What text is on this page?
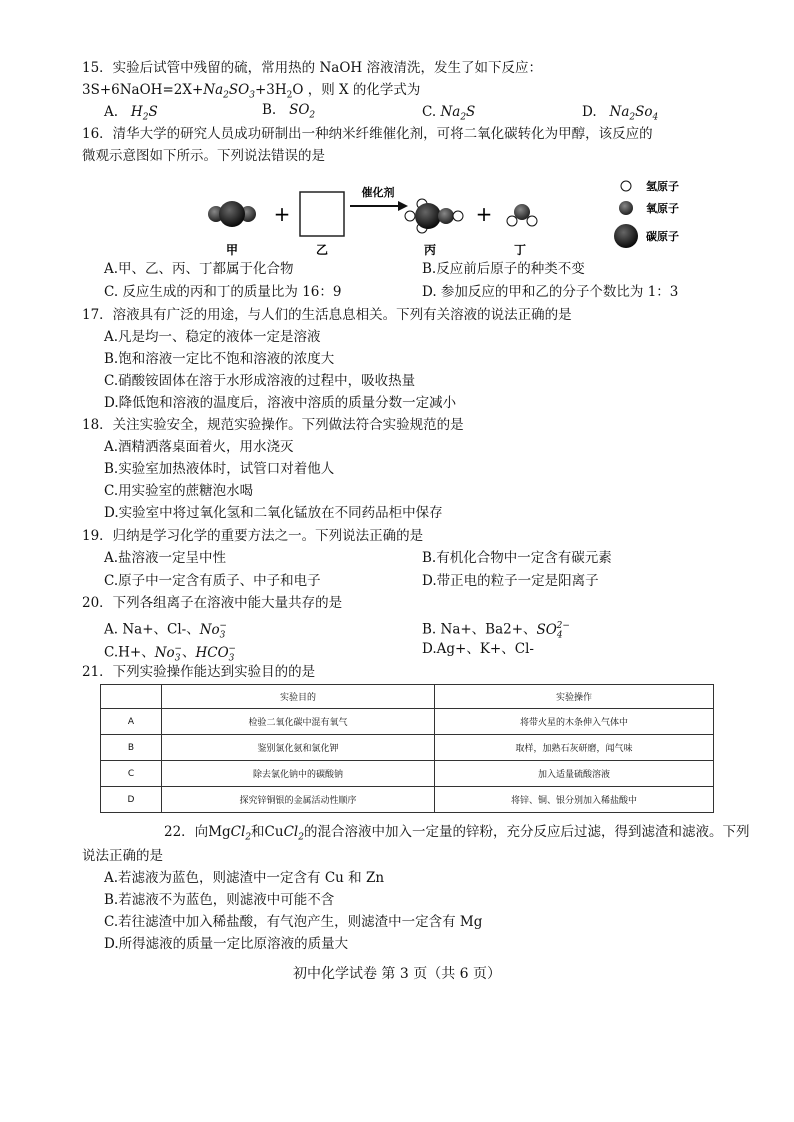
15．实验后试管中残留的硫，常用热的 NaOH 溶液清洗，发生了如下反应：
$3S+6NaOH=2X+Na_2SO_3+3H_2O$ ，则 X 的化学式为
A. $H_2S$	B. $SO_2$	C. $Na_2S$	D. $Na_2So_4$
16．清华大学的研究人员成功研制出一种纳米纤维催化剂，可将二氧化碳转化为甲醇，该反应的
微观示意图如下所示。下列说法错误的是
甲
+
乙
催化剂
丙
+
丁
氢原子
氧原子
碳原子
A.甲、乙、丙、丁都属于化合物	B.反应前后原子的种类不变
C. 反应生成的丙和丁的质量比为 16：9	D. 参加反应的甲和乙的分子个数比为 1：3
17．溶液具有广泛的用途，与人们的生活息息相关。下列有关溶液的说法正确的是
A.凡是均一、稳定的液体一定是溶液
B.饱和溶液一定比不饱和溶液的浓度大
C.硝酸铵固体在溶于水形成溶液的过程中，吸收热量
D.降低饱和溶液的温度后，溶液中溶质的质量分数一定减小
18．关注实验安全，规范实验操作。下列做法符合实验规范的是
A.酒精洒落桌面着火，用水浇灭
B.实验室加热液体时，试管口对着他人
C.用实验室的蔗糖泡水喝
D.实验室中将过氧化氢和二氧化锰放在不同药品柜中保存
19．归纳是学习化学的重要方法之一。下列说法正确的是
A.盐溶液一定呈中性	B.有机化合物中一定含有碳元素
C.原子中一定含有质子、中子和电子	D.带正电的粒子一定是阳离子
20．下列各组离子在溶液中能大量共存的是
A. Na+、Cl-、$No_3^-$	B. Na+、Ba2+、$SO_4^{2-}$
C.H+、$No_3^-$、$HCO_3^-$	D.Ag+、K+、Cl-
21．下列实验操作能达到实验目的的是
	实验目的	实验操作
A	检验二氧化碳中混有氧气	将带火星的木条伸入气体中
B	鉴别氯化氨和氯化钾	取样，加熟石灰研磨，闻气味
C	除去氯化钠中的碳酸钠	加入适量硫酸溶液
D	探究锌铜银的金属活动性顺序	将锌、铜、银分别加入稀盐酸中
22．向MgCl$_2$和CuCl$_2$的混合溶液中加入一定量的锌粉，充分反应后过滤，得到滤渣和滤液。下列
说法正确的是
A.若滤液为蓝色，则滤渣中一定含有 Cu 和 Zn
B.若滤液不为蓝色，则滤液中可能不含
C.若往滤渣中加入稀盐酸，有气泡产生，则滤渣中一定含有 Mg
D.所得滤液的质量一定比原溶液的质量大
初中化学试卷 第 3 页（共 6 页）
